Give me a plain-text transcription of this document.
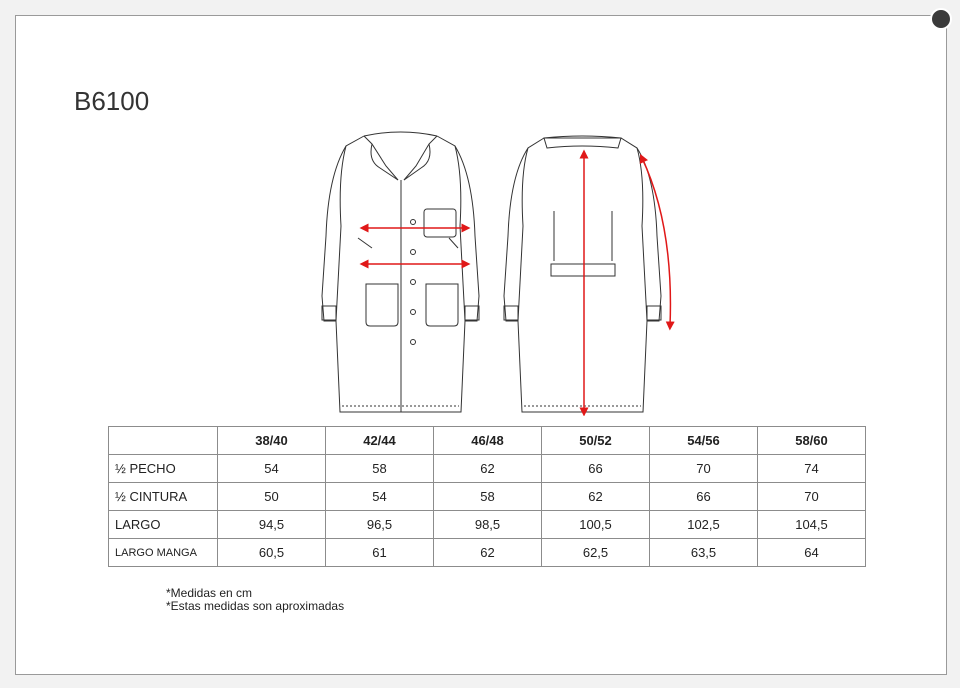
B6100
	38/40	42/44	46/48	50/52	54/56	58/60
½ PECHO	54	58	62	66	70	74
½ CINTURA	50	54	58	62	66	70
LARGO	94,5	96,5	98,5	100,5	102,5	104,5
LARGO MANGA	60,5	61	62	62,5	63,5	64
*Medidas en cm
*Estas medidas son aproximadas
